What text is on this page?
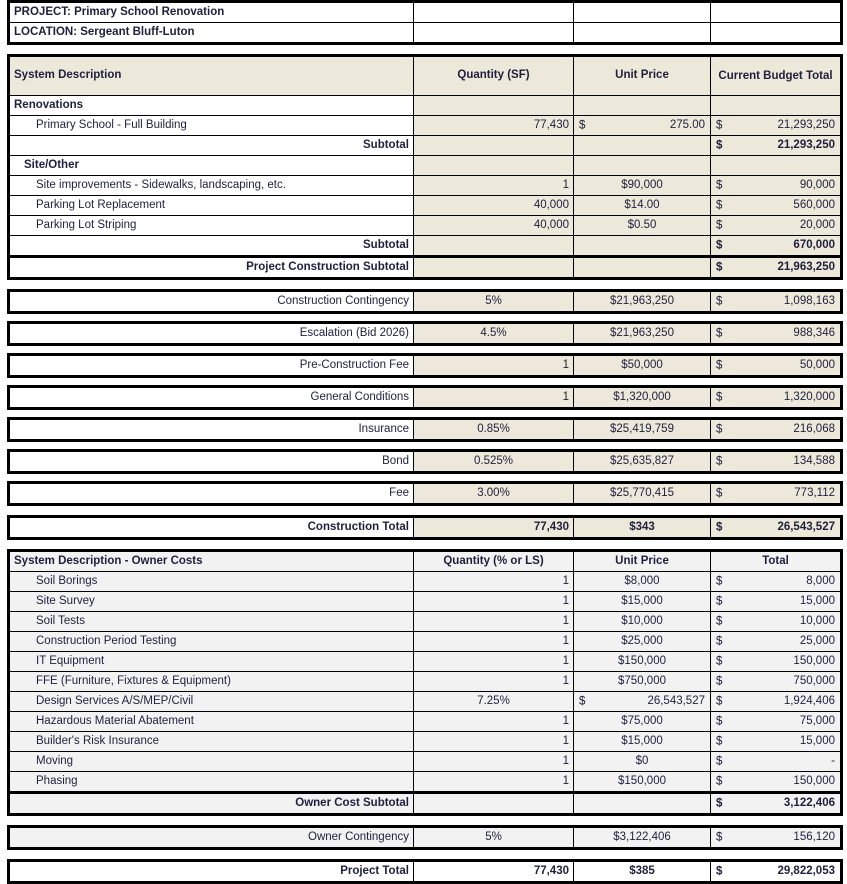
PROJECT: Primary School Renovation			
LOCATION: Sergeant Bluff-Luton			
System Description	Quantity (SF)	Unit Price	Current Budget Total
Renovations			
Primary School - Full Building	77,430	$ 275.00	$ 21,293,250

Subtotal			$ 21,293,250

Site/Other			
Site improvements - Sidewalks, landscaping, etc.	1	$90,000	$ 90,000

Parking Lot Replacement	40,000	$14.00	$ 560,000

Parking Lot Striping	40,000	$0.50	$ 20,000

Subtotal			$ 670,000

Project Construction Subtotal			$ 21,963,250
Construction Contingency	5%	$21,963,250	$	1,098,163
Escalation (Bid 2026)	4.5%	$21,963,250	$	988,346
Pre-Construction Fee	1	$50,000	$	50,000
General Conditions	1	$1,320,000	$	1,320,000
Insurance	0.85%	$25,419,759	$	216,068
Bond	0.525%	$25,635,827	$	134,588
Fee	3.00%	$25,770,415	$	773,112
Construction Total	77,430	$343	$	26,543,527
System Description - Owner Costs	Quantity (% or LS)	Unit Price	Total
Soil Borings	1	$8,000	$ 8,000

Site Survey	1	$15,000	$ 15,000

Soil Tests	1	$10,000	$ 10,000

Construction Period Testing	1	$25,000	$ 25,000

IT Equipment	1	$150,000	$ 150,000

FFE (Furniture, Fixtures & Equipment)	1	$750,000	$ 750,000

Design Services A/S/MEP/Civil	7.25%	$ 26,543,527	$ 1,924,406

Hazardous Material Abatement	1	$75,000	$ 75,000

Builder's Risk Insurance	1	$15,000	$ 15,000

Moving	1	$0	$ -

Phasing	1	$150,000	$ 150,000

Owner Cost Subtotal			$ 3,122,406
Owner Contingency	5%	$3,122,406	$	156,120
Project Total	77,430	$385	$	29,822,053
